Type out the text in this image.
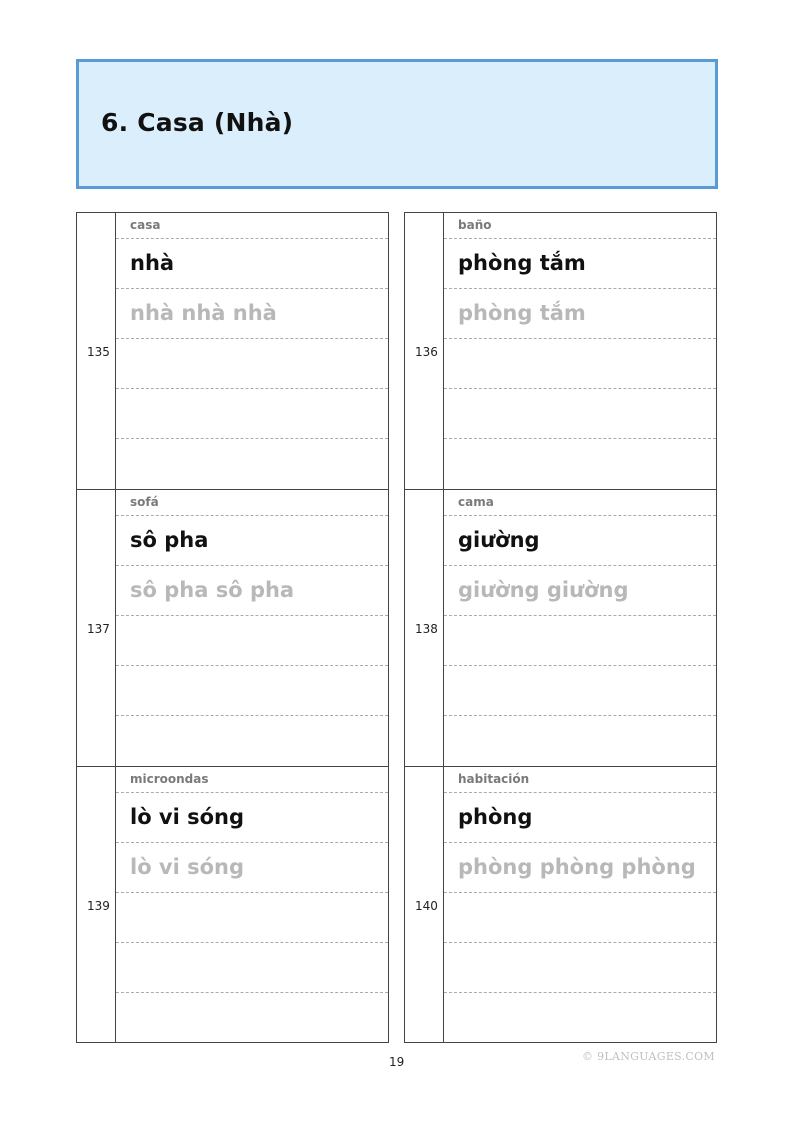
6. Casa (Nhà)
135
casa
nhà
nhà nhà nhà
136
baño
phòng tắm
phòng tắm
137
sofá
sô pha
sô pha sô pha
138
cama
giường
giường giường
139
microondas
lò vi sóng
lò vi sóng
140
habitación
phòng
phòng phòng phòng
19	© 9LANGUAGES.COM
